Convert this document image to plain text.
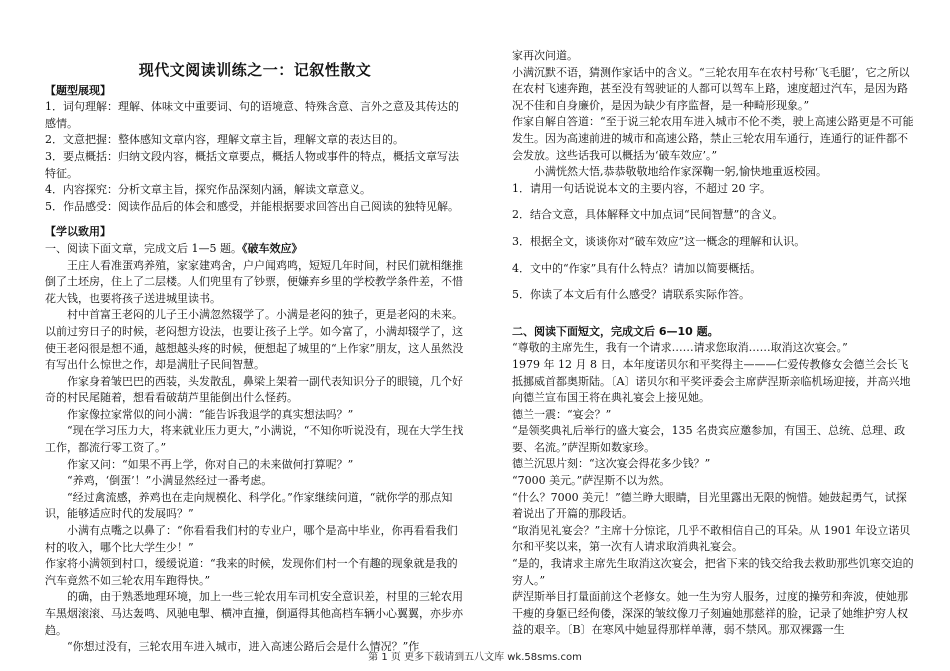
现代文阅读训练之一：记叙性散文

【题型展现】

1．词句理解：理解、体味文中重要词、句的语境意、特殊含意、言外之意及其传达的感情。

2．文意把握：整体感知文章内容，理解文章主旨，理解文章的表达目的。

3．要点概括：归纳文段内容，概括文章要点，概括人物或事件的特点，概括文章写法特征。

4．内容探究：分析文章主旨，探究作品深刻内涵，解读文章意义。

5．作品感受：阅读作品后的体会和感受，并能根据要求回答出自己阅读的独特见解。

【学以致用】

一、阅读下面文章，完成文后 1—5 题。《破车效应》

王庄人看准蛋鸡养殖，家家建鸡舍，户户闻鸡鸣，短短几年时间，村民们就相继推倒了土坯房，住上了二层楼。人们兜里有了钞票，便嫌弃乡里的学校教学条件差，不惜花大钱，也要将孩子送进城里读书。

村中首富王老闷的儿子王小满忽然辍学了。小满是老闷的独子，更是老闷的未来。以前过穷日子的时候，老闷想方设法，也要让孩子上学。如今富了，小满却辍学了，这使王老闷很是想不通，越想越头疼的时候，便想起了城里的“上作家”朋友，这人虽然没有写出什么惊世之作，却是满肚子民间智慧。

作家身着皱巴巴的西装，头发散乱，鼻梁上架着一副代表知识分子的眼镜，几个好奇的村民尾随着，想看看破葫芦里能倒出什么怪药。

作家像拉家常似的问小满：“能告诉我退学的真实想法吗？”

“现在学习压力大，将来就业压力更大，”小满说，“不知你听说没有，现在大学生找工作，都流行零工资了。”

作家又问：“如果不再上学，你对自己的未来做何打算呢？”

“养鸡，‘倒蛋’！”小满显然经过一番考虑。

“经过禽流感，养鸡也在走向规模化、科学化。”作家继续问道，“就你学的那点知识，能够适应时代的发展吗？”

小满有点嘴之以鼻了：“你看看我们村的专业户，哪个是高中毕业，你再看看我们村的收入，哪个比大学生少！”

作家将小满领到村口，缓缓说道：“我来的时候，发现你们村一个有趣的现象就是我的汽车竟然不如三轮农用车跑得快。”

的确，由于熟悉地理环境，加上一些三轮农用车司机安全意识差，村里的三轮农用车黑烟滚滚、马达轰鸣、风驰电掣、横冲直撞，倒逼得其他高档车辆小心翼翼，亦步亦趋。

“你想过没有，三轮农用车进入城市，进入高速公路后会是什么情况？”作

家再次问道。

小满沉默不语，猜测作家话中的含义。“三轮农用车在农村号称‘飞毛腿’，它之所以在农村飞速奔跑，甚至没有驾驶证的人都可以驾车上路，速度超过汽车，是因为路况不佳和自身廉价，是因为缺少有序监督，是一种畸形现象。”

作家自解自答道：“至于说三轮农用车进入城市不伦不类，驶上高速公路更是不可能发生。因为高速前进的城市和高速公路，禁止三轮农用车通行，连通行的证件都不会发放。这些话我可以概括为‘破车效应’。”

小满恍然大悟,恭恭敬敬地给作家深鞠一躬,愉快地重返校园。

1．请用一句话说说本文的主要内容，不超过 20 字。

2．结合文意，具体解释文中加点词“民间智慧”的含义。

3．根据全文，谈谈你对“破车效应”这一概念的理解和认识。

4．文中的“作家”具有什么特点？请加以简要概括。

5．你读了本文后有什么感受？请联系实际作答。

二、阅读下面短文，完成文后 6—10 题。

“尊敬的主席先生，我有一个请求……请求您取消……取消这次宴会。”

1979 年 12 月 8 日，本年度诺贝尔和平奖得主———仁爱传教修女会德兰会长飞抵挪威首都奥斯陆。〔A〕诺贝尔和平奖评委会主席萨涅斯亲临机场迎接，并高兴地向德兰宣布国王将在典礼宴会上接见她。

德兰一震：“宴会？”

“是领奖典礼后举行的盛大宴会，135 名贵宾应邀参加，有国王、总统、总理、政要、名流。”萨涅斯如数家珍。

德兰沉思片刻：“这次宴会得花多少钱？”

“7000 美元。”萨涅斯不以为然。

“什么？7000 美元！”德兰睁大眼睛，目光里露出无限的惋惜。她鼓起勇气，试探着说出了开篇的那段话。

“取消见礼宴会？”主席十分惊诧，几乎不敢相信自己的耳朵。从 1901 年设立诺贝尔和平奖以来，第一次有人请求取消典礼宴会。

“是的，我请求主席先生取消这次宴会，把省下来的钱交给我去救助那些饥寒交迫的穷人。”

萨涅斯举目打量面前这个老修女。她一生为穷人服务，过度的操劳和奔波，使她那干瘦的身躯已经佝偻，深深的皱纹像刀子刻遍她那慈祥的脸，记录了她维护穷人权益的艰辛。〔B〕在寒风中她显得那样单薄，弱不禁风。那双裸露一生

第 1 页 更多下载请到五八文库 wk.58sms.com
